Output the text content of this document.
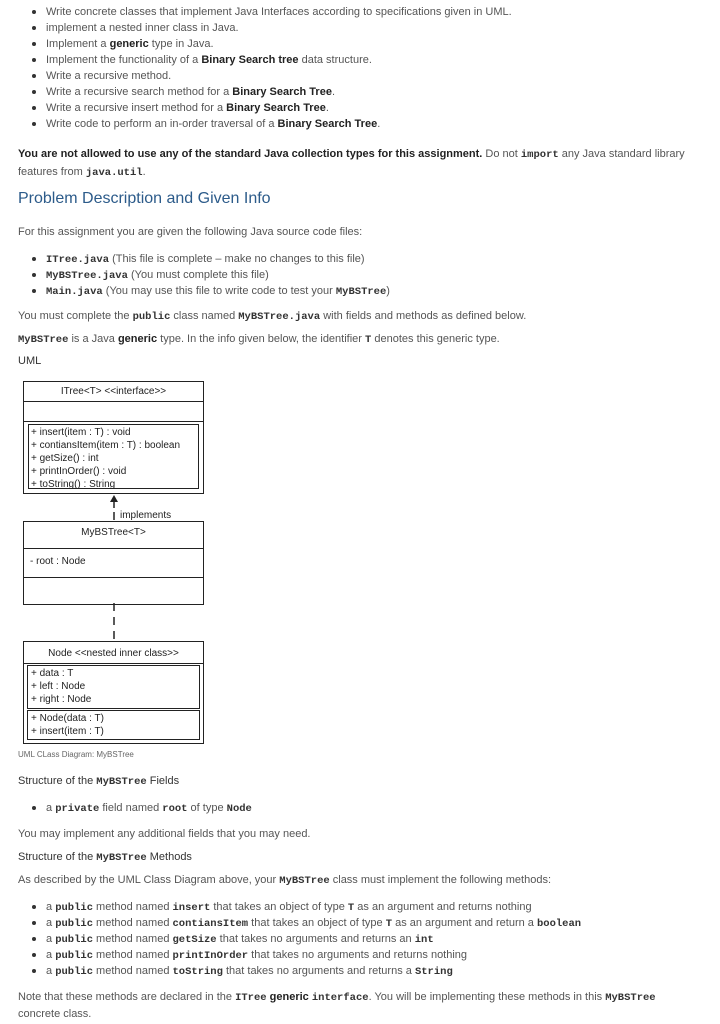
Write concrete classes that implement Java Interfaces according to specifications given in UML.
implement a nested inner class in Java.
Implement a generic type in Java.
Implement the functionality of a Binary Search tree data structure.
Write a recursive method.
Write a recursive search method for a Binary Search Tree.
Write a recursive insert method for a Binary Search Tree.
Write code to perform an in-order traversal of a Binary Search Tree.
You are not allowed to use any of the standard Java collection types for this assignment. Do not import any Java standard library
features from java.util.
Problem Description and Given Info
For this assignment you are given the following Java source code files:
ITree.java (This file is complete – make no changes to this file)
MyBSTree.java (You must complete this file)
Main.java (You may use this file to write code to test your MyBSTree)
You must complete the public class named MyBSTree.java with fields and methods as defined below.
MyBSTree is a Java generic type. In the info given below, the identifier T denotes this generic type.
UML
ITree<T> <<interface>>
+ insert(item : T) : void
+ contiansItem(item : T) : boolean
+ getSize() : int
+ printInOrder() : void
+ toString() : String
implements
MyBSTree<T>
- root : Node
Node <<nested inner class>>
+ data : T
+ left : Node
+ right : Node
+ Node(data : T)
+ insert(item : T)
UML CLass Diagram: MyBSTree
Structure of the MyBSTree Fields
a private field named root of type Node
You may implement any additional fields that you may need.
Structure of the MyBSTree Methods
As described by the UML Class Diagram above, your MyBSTree class must implement the following methods:
a public method named insert that takes an object of type T as an argument and returns nothing
a public method named contiansItem that takes an object of type T as an argument and return a boolean
a public method named getSize that takes no arguments and returns an int
a public method named printInOrder that takes no arguments and returns nothing
a public method named toString that takes no arguments and returns a String
Note that these methods are declared in the ITree generic interface. You will be implementing these methods in this MyBSTree
concrete class.
